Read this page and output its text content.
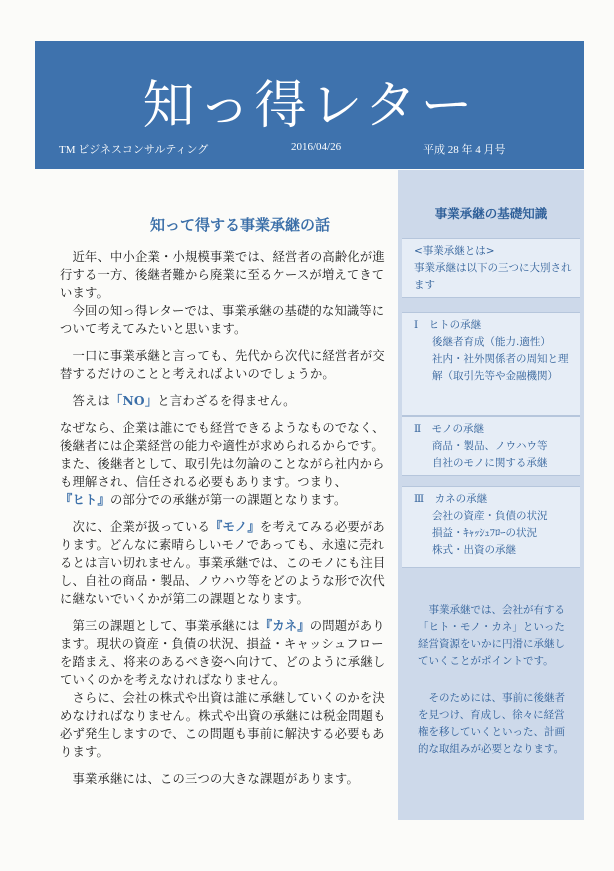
知っ得レター
TM ビジネスコンサルティング	2016/04/26	平成 28 年 4 月号
知って得する事業承継の話

　近年、中小企業・小規模事業では、経営者の高齢化が進行する一方、後継者難から廃業に至るケースが増えてきています。

　今回の知っ得レターでは、事業承継の基礎的な知識等について考えてみたいと思います。

　一口に事業承継と言っても、先代から次代に経営者が交替するだけのことと考えればよいのでしょうか。

　答えは「NO」と言わざるを得ません。

なぜなら、企業は誰にでも経営できるようなものでなく、後継者には企業経営の能力や適性が求められるからです。また、後継者として、取引先は勿論のことながら社内からも理解され、信任される必要もあります。つまり、『ヒト』の部分での承継が第一の課題となります。

　次に、企業が扱っている『モノ』を考えてみる必要があります。どんなに素晴らしいモノであっても、永遠に売れるとは言い切れません。事業承継では、このモノにも注目し、自社の商品・製品、ノウハウ等をどのような形で次代に継ないでいくかが第二の課題となります。

　第三の課題として、事業承継には『カネ』の問題があります。現状の資産・負債の状況、損益・キャッシュフローを踏まえ、将来のあるべき姿へ向けて、どのように承継していくのかを考えなければなりません。

　さらに、会社の株式や出資は誰に承継していくのかを決めなければなりません。株式や出資の承継には税金問題も必ず発生しますので、この問題も事前に解決する必要もあります。

　事業承継には、この三つの大きな課題があります。

事業承継の基礎知識
<事業承継とは>
事業承継は以下の三つに大別されます
Ⅰ　ヒトの承継
後継者育成（能力.適性）
社内・社外関係者の周知と理解（取引先等や金融機関）
Ⅱ　モノの承継
商品・製品、ノウハウ等
自社のモノに関する承継
Ⅲ　カネの承継
会社の資産・負債の状況
損益・ｷｬｯｼｭﾌﾛｰの状況
株式・出資の承継
　事業承継では、会社が有する「ヒト・モノ・カネ」といった経営資源をいかに円滑に承継していくことがポイントです。
　そのためには、事前に後継者を見つけ、育成し、徐々に経営権を移していくといった、計画的な取組みが必要となります。
